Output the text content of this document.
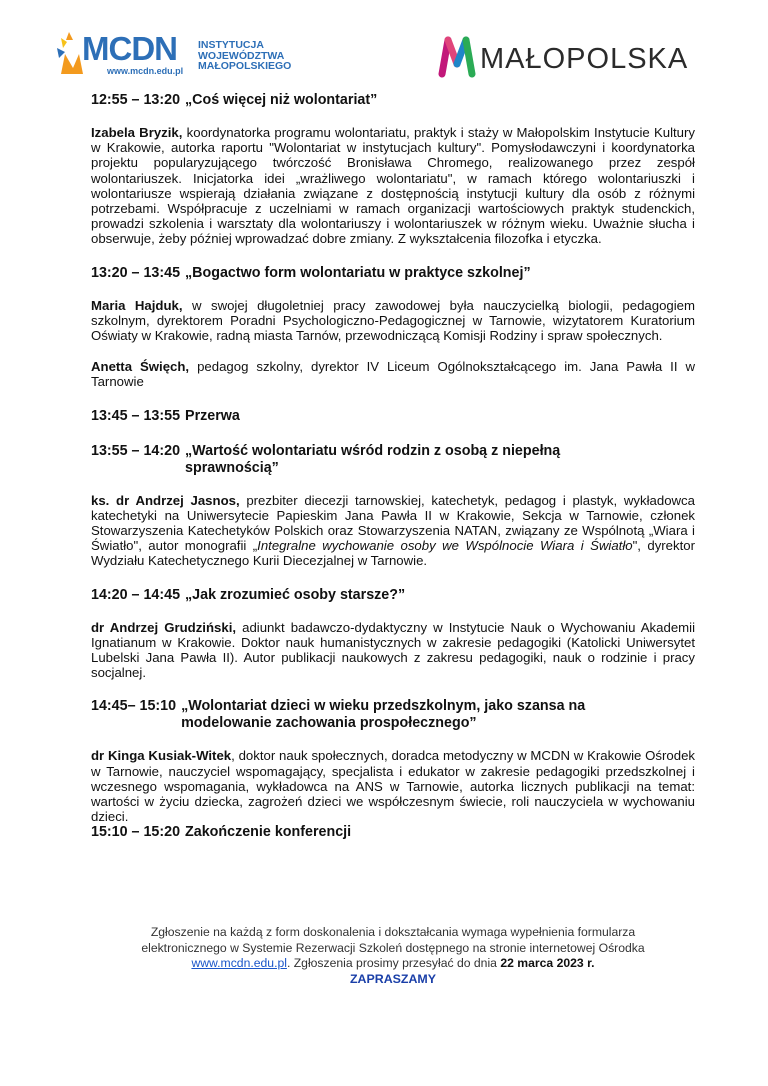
MCDN
www.mcdn.edu.pl
INSTYTUCJA
WOJEWÓDZTWA
MAŁOPOLSKIEGO	MAŁOPOLSKA
12:55 – 13:20 „Coś więcej niż wolontariat”
Izabela Bryzik, koordynatorka programu wolontariatu, praktyk i staży w Małopolskim Instytucie Kultury w Krakowie, autorka raportu "Wolontariat w instytucjach kultury". Pomysłodawczyni i koordynatorka projektu popularyzującego twórczość Bronisława Chromego, realizowanego przez zespół wolontariuszek. Inicjatorka idei „wrażliwego wolontariatu", w ramach którego wolontariuszki i wolontariusze wspierają działania związane z dostępnością instytucji kultury dla osób z różnymi potrzebami. Współpracuje z uczelniami w ramach organizacji wartościowych praktyk studenckich, prowadzi szkolenia i warsztaty dla wolontariuszy i wolontariuszek w różnym wieku. Uważnie słucha i obserwuje, żeby później wprowadzać dobre zmiany. Z wykształcenia filozofka i etyczka.
13:20 – 13:45 „Bogactwo form wolontariatu w praktyce szkolnej”
Maria Hajduk, w swojej długoletniej pracy zawodowej była nauczycielką biologii, pedagogiem szkolnym, dyrektorem Poradni Psychologiczno-Pedagogicznej w Tarnowie, wizytatorem Kuratorium Oświaty w Krakowie, radną miasta Tarnów, przewodniczącą Komisji Rodziny i spraw społecznych.
Anetta Święch, pedagog szkolny, dyrektor IV Liceum Ogólnokształcącego im. Jana Pawła II w Tarnowie
13:45 – 13:55 Przerwa
13:55 – 14:20 „Wartość wolontariatu wśród rodzin z osobą z niepełną sprawnością”
ks. dr Andrzej Jasnos, prezbiter diecezji tarnowskiej, katechetyk, pedagog i plastyk, wykładowca katechetyki na Uniwersytecie Papieskim Jana Pawła II w Krakowie, Sekcja w Tarnowie, członek Stowarzyszenia Katechetyków Polskich oraz Stowarzyszenia NATAN, związany ze Wspólnotą „Wiara i Światło", autor monografii „Integralne wychowanie osoby we Wspólnocie Wiara i Światło", dyrektor Wydziału Katechetycznego Kurii Diecezjalnej w Tarnowie.
14:20 – 14:45 „Jak zrozumieć osoby starsze?”
dr Andrzej Grudziński, adiunkt badawczo-dydaktyczny w Instytucie Nauk o Wychowaniu Akademii Ignatianum w Krakowie. Doktor nauk humanistycznych w zakresie pedagogiki (Katolicki Uniwersytet Lubelski Jana Pawła II). Autor publikacji naukowych z zakresu pedagogiki, nauk o rodzinie i pracy socjalnej.
14:45– 15:10 „Wolontariat dzieci w wieku przedszkolnym, jako szansa na modelowanie zachowania prospołecznego”
dr Kinga Kusiak-Witek, doktor nauk społecznych, doradca metodyczny w MCDN w Krakowie Ośrodek w Tarnowie, nauczyciel wspomagający, specjalista i edukator w zakresie pedagogiki przedszkolnej i wczesnego wspomagania, wykładowca na ANS w Tarnowie, autorka licznych publikacji na temat: wartości w życiu dziecka, zagrożeń dzieci we współczesnym świecie, roli nauczyciela w wychowaniu dzieci.
15:10 – 15:20 Zakończenie konferencji
Zgłoszenie na każdą z form doskonalenia i dokształcania wymaga wypełnienia formularza
elektronicznego w Systemie Rezerwacji Szkoleń dostępnego na stronie internetowej Ośrodka
www.mcdn.edu.pl. Zgłoszenia prosimy przesyłać do dnia 22 marca 2023 r.
ZAPRASZAMY
